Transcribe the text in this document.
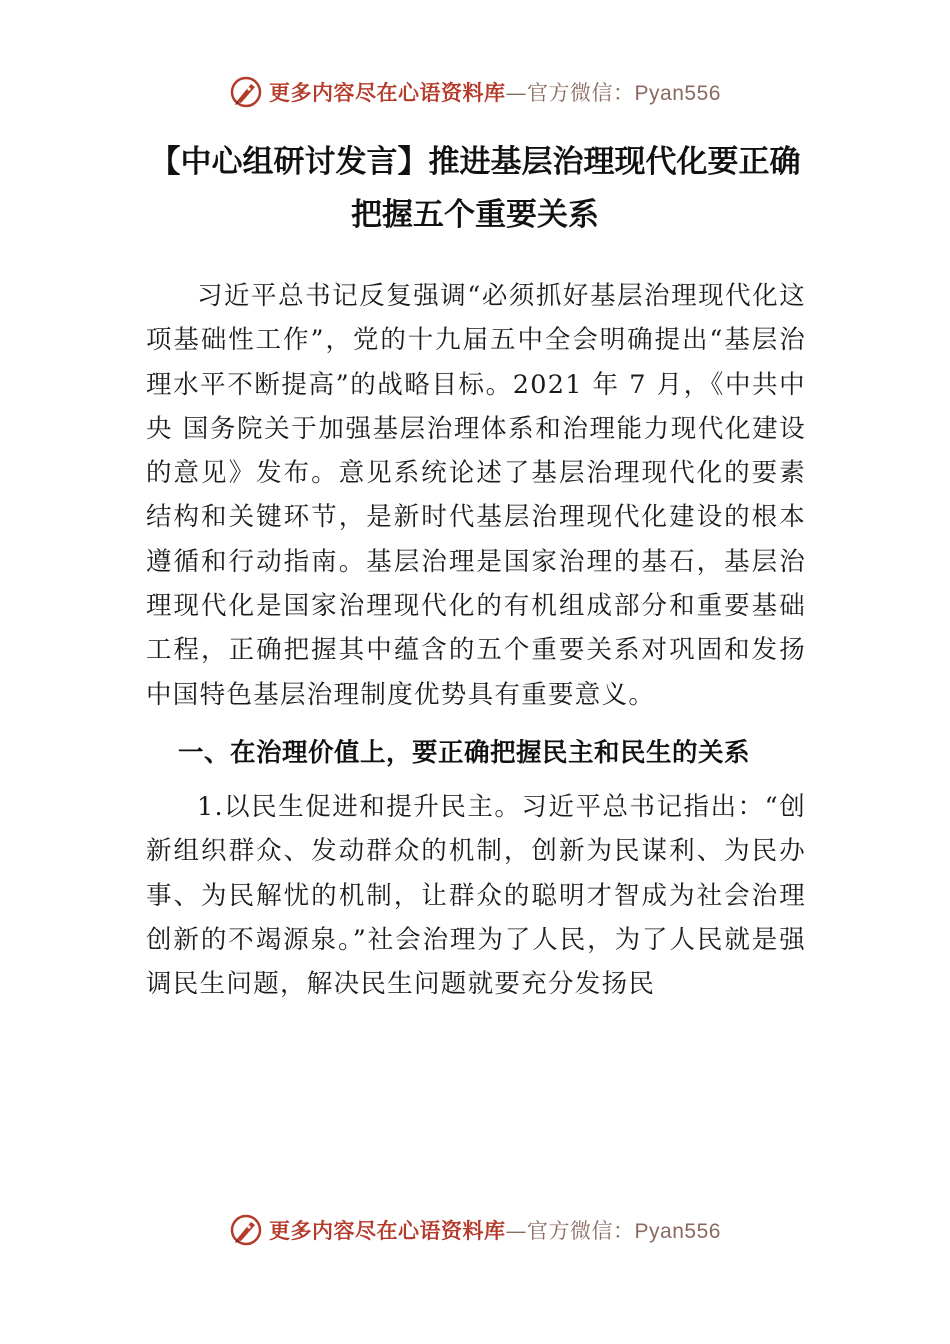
更多内容尽在心语资料库—官方微信：Pyan556
【中心组研讨发言】推进基层治理现代化要正确把握五个重要关系

习近平总书记反复强调“必须抓好基层治理现代化这项基础性工作”，党的十九届五中全会明确提出“基层治理水平不断提高”的战略目标。2021 年 7 月，《中共中央 国务院关于加强基层治理体系和治理能力现代化建设的意见》发布。意见系统论述了基层治理现代化的要素结构和关键环节，是新时代基层治理现代化建设的根本遵循和行动指南。基层治理是国家治理的基石，基层治理现代化是国家治理现代化的有机组成部分和重要基础工程，正确把握其中蕴含的五个重要关系对巩固和发扬中国特色基层治理制度优势具有重要意义。

一、在治理价值上，要正确把握民主和民生的关系

1.以民生促进和提升民主。习近平总书记指出：“创新组织群众、发动群众的机制，创新为民谋利、为民办事、为民解忧的机制，让群众的聪明才智成为社会治理创新的不竭源泉。”社会治理为了人民，为了人民就是强调民生问题，解决民生问题就要充分发扬民

更多内容尽在心语资料库—官方微信：Pyan556
